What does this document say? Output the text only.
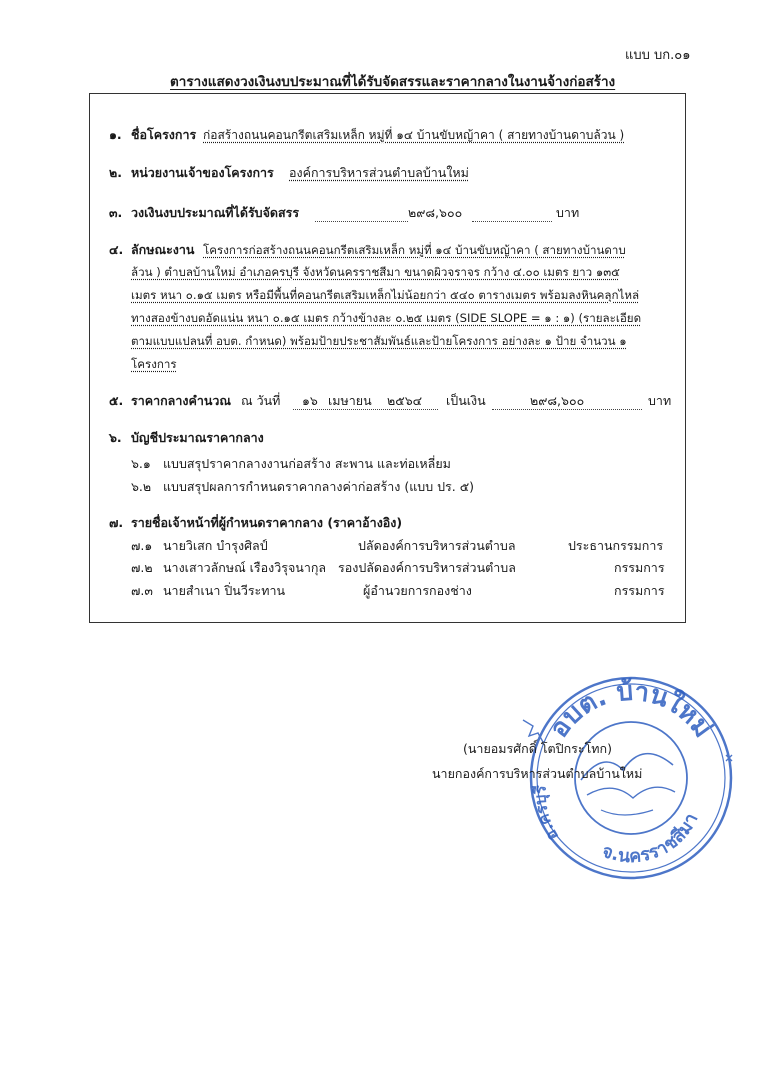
แบบ บก.๐๑
ตารางแสดงวงเงินงบประมาณที่ได้รับจัดสรรและราคากลางในงานจ้างก่อสร้าง
๑. ชื่อโครงการ ก่อสร้างถนนคอนกรีตเสริมเหล็ก หมู่ที่ ๑๔ บ้านขับหญ้าคา ( สายทางบ้านดาบล้วน )
๒. หน่วยงานเจ้าของโครงการ องค์การบริหารส่วนตำบลบ้านใหม่
๓. วงเงินงบประมาณที่ได้รับจัดสรร	๒๙๘,๖๐๐	บาท
๔. ลักษณะงาน โครงการก่อสร้างถนนคอนกรีตเสริมเหล็ก หมู่ที่ ๑๔ บ้านขับหญ้าคา ( สายทางบ้านดาบ
ล้วน ) ตำบลบ้านใหม่ อำเภอครบุรี จังหวัดนครราชสีมา ขนาดผิวจราจร กว้าง ๔.๐๐ เมตร ยาว ๑๓๕
เมตร หนา ๐.๑๕ เมตร หรือมีพื้นที่คอนกรีตเสริมเหล็กไม่น้อยกว่า ๕๔๐ ตารางเมตร พร้อมลงหินคลุกไหล่
ทางสองข้างบดอัดแน่น หนา ๐.๑๕ เมตร กว้างข้างละ ๐.๒๕ เมตร (SIDE SLOPE = ๑ : ๑) (รายละเอียด
ตามแบบแปลนที่ อบต. กำหนด) พร้อมป้ายประชาสัมพันธ์และป้ายโครงการ อย่างละ ๑ ป้าย จำนวน ๑
โครงการ
๕. ราคากลางคำนวณ ณ วันที่ ๑๖ เมษายน ๒๕๖๔ เป็นเงิน	๒๙๘,๖๐๐	บาท
๖. บัญชีประมาณราคากลาง
๖.๑ แบบสรุปราคากลางงานก่อสร้าง สะพาน และท่อเหลี่ยม
๖.๒ แบบสรุปผลการกำหนดราคากลางค่าก่อสร้าง (แบบ ปร. ๕)
๗. รายชื่อเจ้าหน้าที่ผู้กำหนดราคากลาง (ราคาอ้างอิง)
๗.๑ นายวิเสก บำรุงศิลป์	ปลัดองค์การบริหารส่วนตำบล	ประธานกรรมการ
๗.๒ นางเสาวลักษณ์ เรืองวิรุจนากุล รองปลัดองค์การบริหารส่วนตำบล	กรรมการ
๗.๓ นายสำเนา ปิ่นวีระทาน	ผู้อำนวยการกองช่าง	กรรมการ
อบต. บ้านใหม่
จ.นครราชสีมา
อ.ครบุรี
(นายอมรศักดิ์ โตปิกระโทก)
นายกองค์การบริหารส่วนตำบลบ้านใหม่
